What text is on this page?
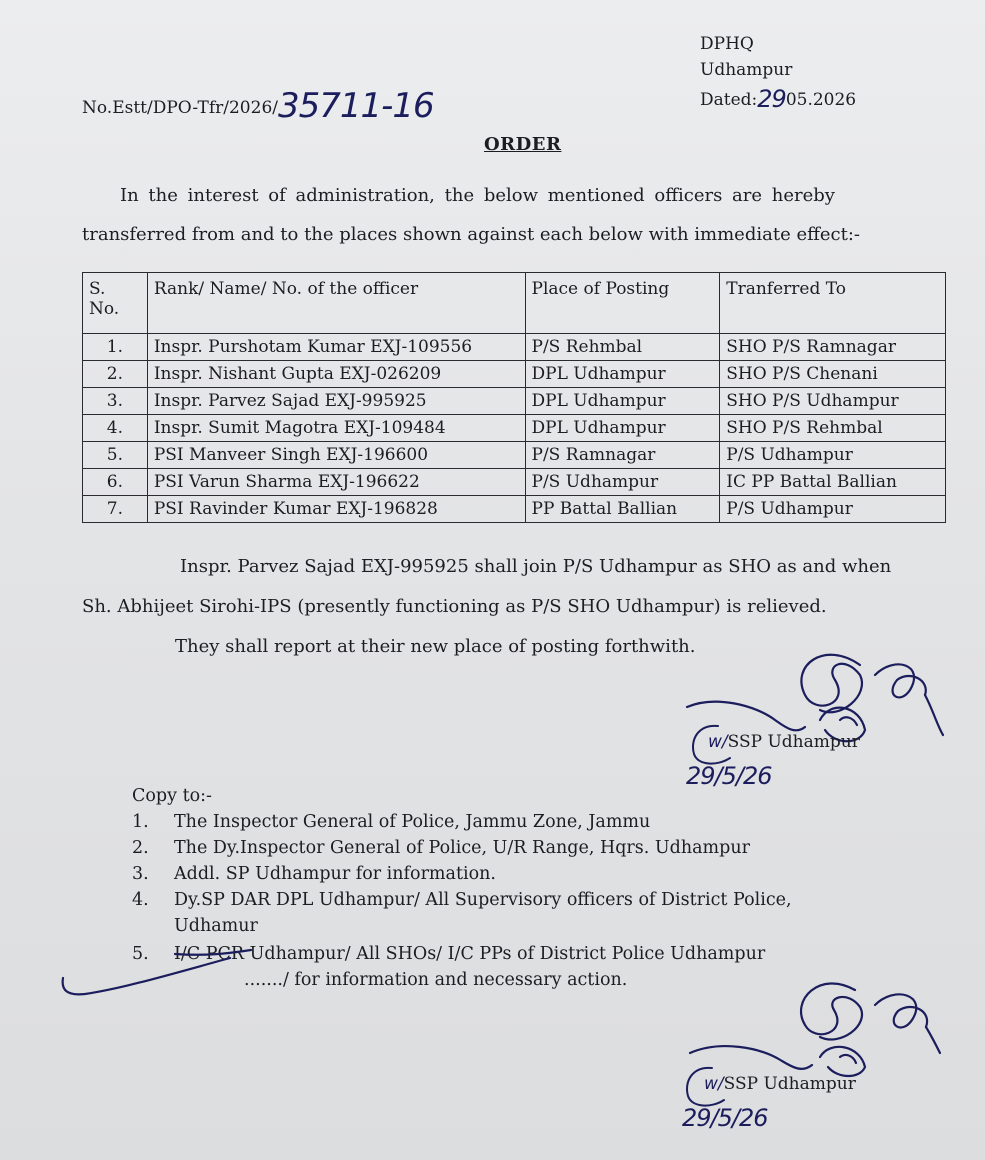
DPHQ
Udhampur
Dated:2905.2026
No.Estt/DPO-Tfr/2026/35711-16
ORDER
In the interest of administration, the below mentioned officers are hereby
transferred from and to the places shown against each below with immediate effect:-
S.
No.	Rank/ Name/ No. of the officer	Place of Posting	Tranferred To
1.	Inspr. Purshotam Kumar EXJ-109556	P/S Rehmbal	SHO P/S Ramnagar
2.	Inspr. Nishant Gupta EXJ-026209	DPL Udhampur	SHO P/S Chenani
3.	Inspr. Parvez Sajad EXJ-995925	DPL Udhampur	SHO P/S Udhampur
4.	Inspr. Sumit Magotra EXJ-109484	DPL Udhampur	SHO P/S Rehmbal
5.	PSI Manveer Singh EXJ-196600	P/S Ramnagar	P/S Udhampur
6.	PSI Varun Sharma EXJ-196622	P/S Udhampur	IC PP Battal Ballian
7.	PSI Ravinder Kumar EXJ-196828	PP Battal Ballian	P/S Udhampur
Inspr. Parvez Sajad EXJ-995925 shall join P/S Udhampur as SHO as and when
Sh. Abhijeet Sirohi-IPS (presently functioning as P/S SHO Udhampur) is relieved.
They shall report at their new place of posting forthwith.
w/SSP Udhampur
29/5/26
Copy to:-
1. The Inspector General of Police, Jammu Zone, Jammu
2. The Dy.Inspector General of Police, U/R Range, Hqrs. Udhampur
3. Addl. SP Udhampur for information.
4. Dy.SP DAR DPL Udhampur/ All Supervisory officers of District Police,
Udhamur
5. I/C PCR Udhampur/ All SHOs/ I/C PPs of District Police Udhampur
......./ for information and necessary action.
w/SSP Udhampur
29/5/26
